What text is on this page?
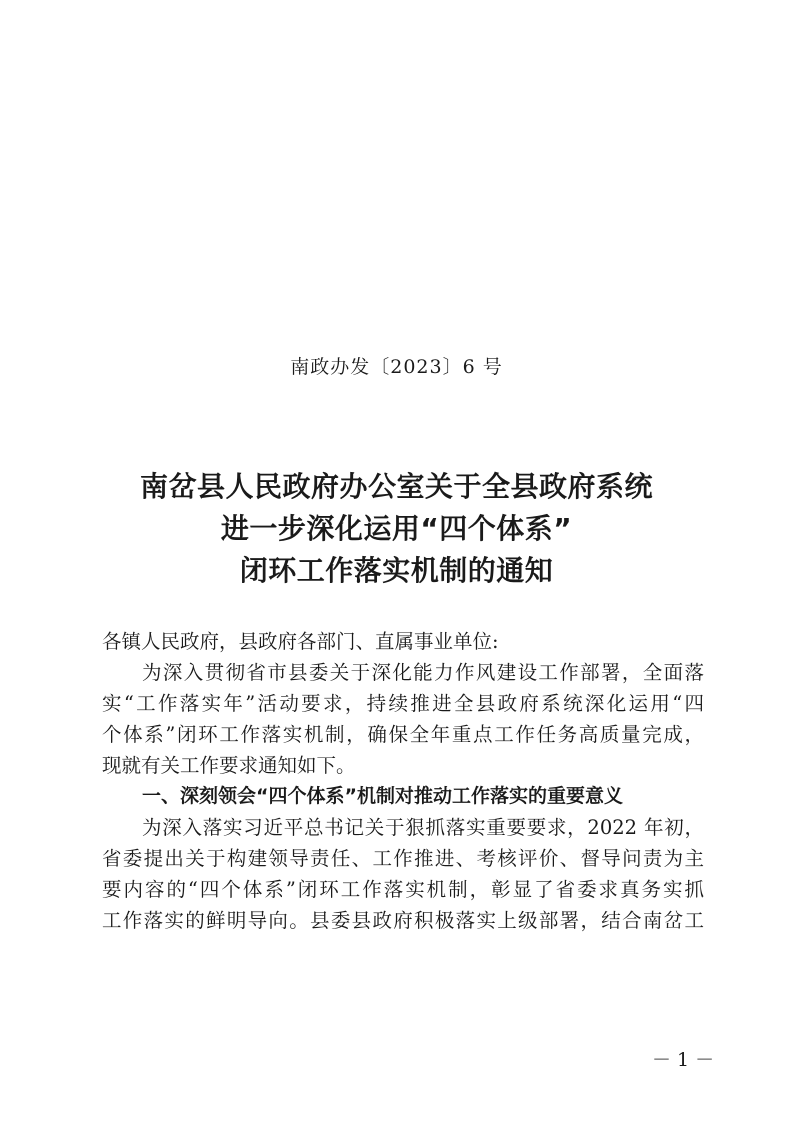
南政办发〔2023〕6 号
南岔县人民政府办公室关于全县政府系统
进一步深化运用“四个体系”
闭环工作落实机制的通知
各镇人民政府，县政府各部门、直属事业单位:
为深入贯彻省市县委关于深化能力作风建设工作部署，全面落
实“工作落实年”活动要求，持续推进全县政府系统深化运用“四
个体系”闭环工作落实机制，确保全年重点工作任务高质量完成，
现就有关工作要求通知如下。
一、深刻领会“四个体系”机制对推动工作落实的重要意义
为深入落实习近平总书记关于狠抓落实重要要求，2022 年初，
省委提出关于构建领导责任、工作推进、考核评价、督导问责为主
要内容的“四个体系”闭环工作落实机制，彰显了省委求真务实抓
工作落实的鲜明导向。县委县政府积极落实上级部署，结合南岔工
－ 1 －
